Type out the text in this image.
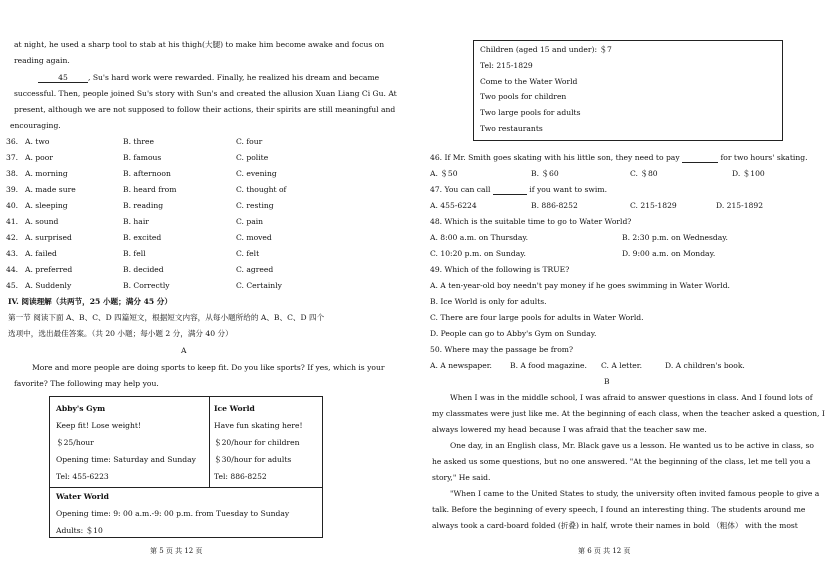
at night, he used a sharp tool to stab at his thigh(大腿) to make him become awake and focus on
reading again.
45	, Su's hard work were rewarded. Finally, he realized his dream and became
successful. Then, people joined Su's story with Sun's and created the allusion Xuan Liang Ci Gu. At
present, although we are not supposed to follow their actions, their spirits are still meaningful and
encouraging.
36. A. two	B. three	C. four
37. A. poor	B. famous	C. polite
38. A. morning	B. afternoon	C. evening
39. A. made sure	B. heard from	C. thought of
40. A. sleeping	B. reading	C. resting
41. A. sound	B. hair	C. pain
42. A. surprised	B. excited	C. moved
43. A. failed	B. fell	C. felt
44. A. preferred	B. decided	C. agreed
45. A. Suddenly	B. Correctly	C. Certainly
IV. 阅读理解（共两节，25 小题；满分 45 分）
第一节 阅读下面 A、B、C、D 四篇短文，根据短文内容，从每小题所给的 A、B、C、D 四个
选项中，选出最佳答案。（共 20 小题；每小题 2 分，满分 40 分）
A
More and more people are doing sports to keep fit. Do you like sports? If yes, which is your
favorite? The following may help you.
Abby's Gym
Keep fit! Lose weight!
＄25/hour
Opening time: Saturday and Sunday
Tel: 455-6223
Ice World
Have fun skating here!
＄20/hour for children
＄30/hour for adults
Tel: 886-8252
Water World
Opening time: 9: 00 a.m.-9: 00 p.m. from Tuesday to Sunday
Adults: ＄10
第 5 页 共 12 页
Children (aged 15 and under): ＄7
Tel: 215-1829
Come to the Water World
Two pools for children
Two large pools for adults
Two restaurants
46. If Mr. Smith goes skating with his little son, they need to pay	for two hours' skating.
A. ＄50	B. ＄60	C. ＄80	D. ＄100
47. You can call	if you want to swim.
A. 455-6224	B. 886-8252	C. 215-1829	D. 215-1892
48. Which is the suitable time to go to Water World?
A. 8:00 a.m. on Thursday.	B. 2:30 p.m. on Wednesday.
C. 10:20 p.m. on Sunday.	D. 9:00 a.m. on Monday.
49. Which of the following is TRUE?
A. A ten-year-old boy needn't pay money if he goes swimming in Water World.
B. Ice World is only for adults.
C. There are four large pools for adults in Water World.
D. People can go to Abby's Gym on Sunday.
50. Where may the passage be from?
A. A newspaper. B. A food magazine. C. A letter.	D. A children's book.
B
When I was in the middle school, I was afraid to answer questions in class. And I found lots of
my classmates were just like me. At the beginning of each class, when the teacher asked a question, I
always lowered my head because I was afraid that the teacher saw me.
One day, in an English class, Mr. Black gave us a lesson. He wanted us to be active in class, so
he asked us some questions, but no one answered. "At the beginning of the class, let me tell you a
story," He said.
"When I came to the United States to study, the university often invited famous people to give a
talk. Before the beginning of every speech, I found an interesting thing. The students around me
always took a card-board folded (折叠) in half, wrote their names in bold （粗体） with the most
第 6 页 共 12 页
